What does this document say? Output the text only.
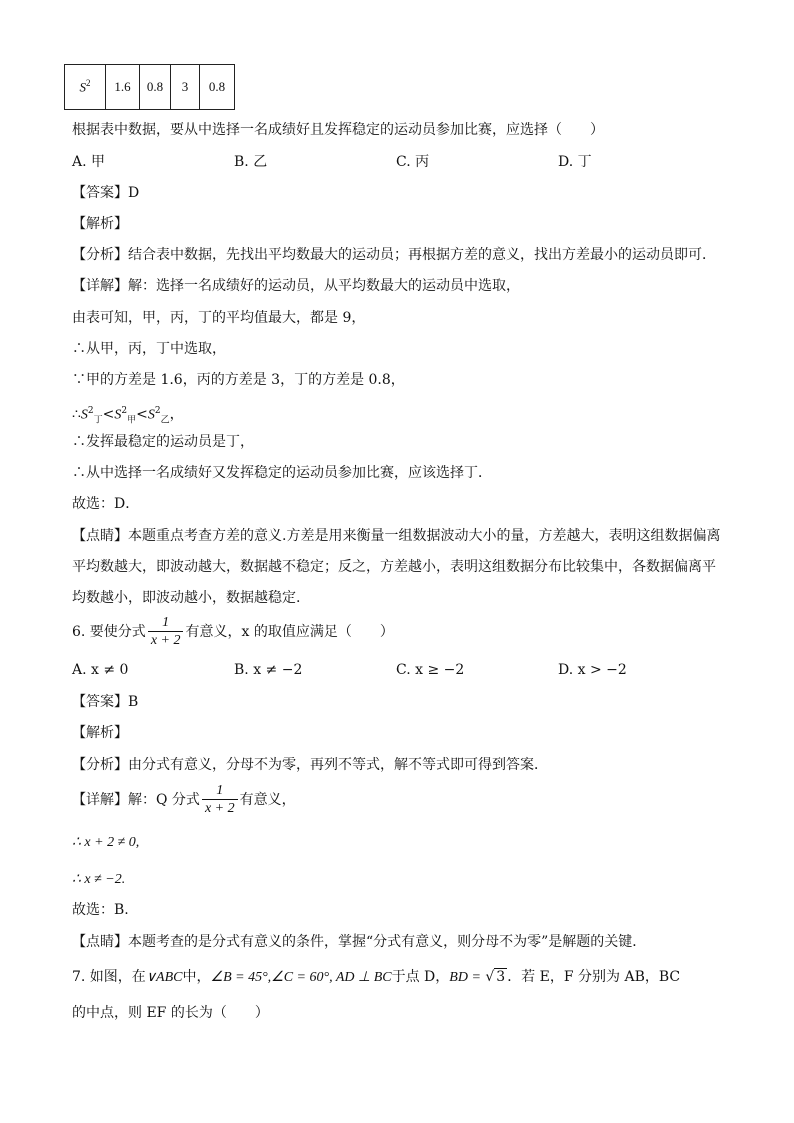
$S^2$	1.6	0.8	3	0.8
根据表中数据，要从中选择一名成绩好且发挥稳定的运动员参加比赛，应选择（　　）
A. 甲	B. 乙	C. 丙	D. 丁
【答案】D
【解析】
【分析】结合表中数据，先找出平均数最大的运动员；再根据方差的意义，找出方差最小的运动员即可．
【详解】解：选择一名成绩好的运动员，从平均数最大的运动员中选取，
由表可知，甲，丙，丁的平均值最大，都是 9，
∴从甲，丙，丁中选取，
∵甲的方差是 1.6，丙的方差是 3，丁的方差是 0.8，
$\therefore S^2_丁<S^2_甲<S^2_乙$，
∴发挥最稳定的运动员是丁，
∴从中选择一名成绩好又发挥稳定的运动员参加比赛，应该选择丁．
故选：D．
【点睛】本题重点考查方差的意义.方差是用来衡量一组数据波动大小的量，方差越大，表明这组数据偏离
平均数越大，即波动越大，数据越不稳定；反之，方差越小，表明这组数据分布比较集中，各数据偏离平
均数越小，即波动越小，数据越稳定.
6. 要使分式 $\frac{1}{x + 2}$ 有意义，x 的取值应满足（　　）
A. x ≠ 0	B. x ≠ −2	C. x ≥ −2	D. x > −2
【答案】B
【解析】
【分析】由分式有意义，分母不为零，再列不等式，解不等式即可得到答案．
【详解】解：Q 分式 $\frac{1}{x + 2}$ 有意义，
∴ x + 2 ≠ 0,
∴ x ≠ −2.
故选：B.
【点睛】本题考查的是分式有意义的条件，掌握“分式有意义，则分母不为零”是解题的关键．
7. 如图，在∨ABC中，∠B = 45°,∠C = 60°, AD ⊥ BC于点 D，BD = √ 3 ．若 E，F 分别为 AB，BC
的中点，则 EF 的长为（　　）
